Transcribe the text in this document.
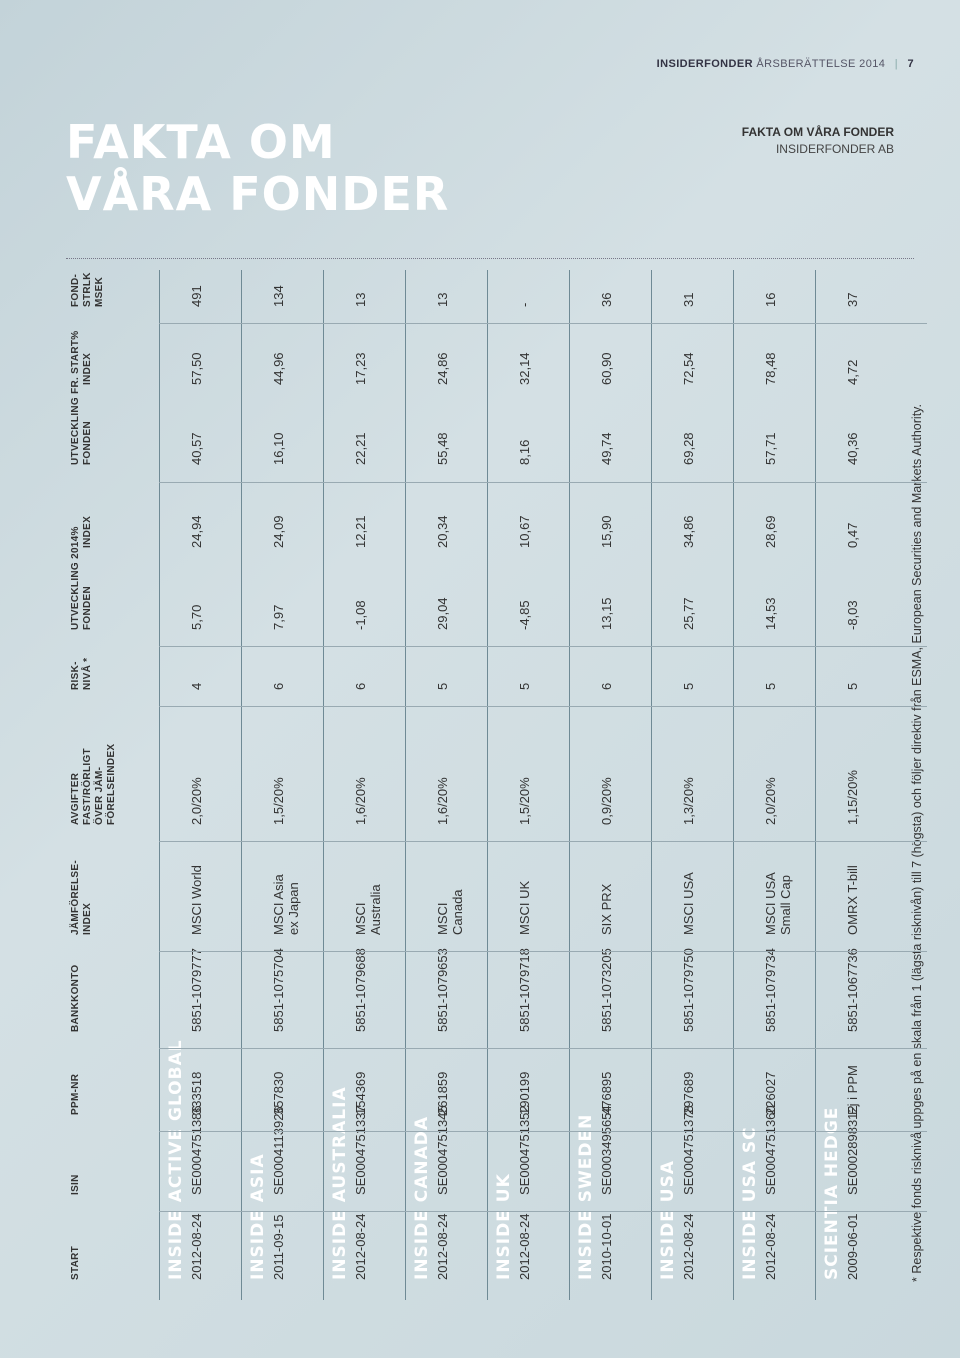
INSIDERFONDER ÅRSBERÄTTELSE 2014 | 7
FAKTA OM
VÅRA FONDER
FAKTA OM VÅRA FONDER
INSIDERFONDER AB
START
ISIN
PPM-NR
BANKKONTO
JÄMFÖRELSE- INDEX
AVGIFTER FAST/RÖRLIGT ÖVER JÄM- FÖRELSEINDEX
RISK- NIVÅ *
UTVECKLING 2014% FONDEN
INDEX
UTVECKLING FR. START% FONDEN
INDEX
FOND- STRLK MSEK
INSIDE ACTIVE GLOBAL 2012-08-24
SE0004751386
333518
5851-1079777
2,0/20%
4
5,70
24,94
40,57
57,50
491
MSCI World
INSIDE ASIA 2011-09-15
SE0004113926
357830
5851-1075704
1,5/20%
6
7,97
24,09
16,10
44,96
134
MSCI Asia ex Japan
INSIDE AUSTRALIA 2012-08-24
SE0004751337
154369
5851-1079688
1,6/20%
6
-1,08
12,21
22,21
17,23
13
MSCI Australia
INSIDE CANADA 2012-08-24
SE0004751345
261859
5851-1079653
1,6/20%
5
29,04
20,34
55,48
24,86
13
MSCI Canada
INSIDE UK 2012-08-24
SE0004751352
190199
5851-1079718
1,5/20%
5
-4,85
10,67
8,16
32,14
-
MSCI UK
INSIDE SWEDEN 2010-10-01
SE0003495654
476895
5851-1073205
0,9/20%
6
13,15
15,90
49,74
60,90
36
SIX PRX
INSIDE USA 2012-08-24
SE0004751378
297689
5851-1079750
1,3/20%
5
25,77
34,86
69,28
72,54
31
MSCI USA
INSIDE USA SC 2012-08-24
SE0004751360
226027
5851-1079734
2,0/20%
5
14,53
28,69
57,71
78,48
16
MSCI USA Small Cap
SCIENTIA HEDGE 2009-06-01
SE0002898312
Ej i PPM
5851-1067736
1,15/20%
5
-8,03
0,47
40,36
4,72
37
OMRX T-bill	* Respektive fonds risknivå uppges på en skala från 1 (lägsta risknivån) till 7 (högsta) och följer direktiv från ESMA, European Securities and Markets Authority.
